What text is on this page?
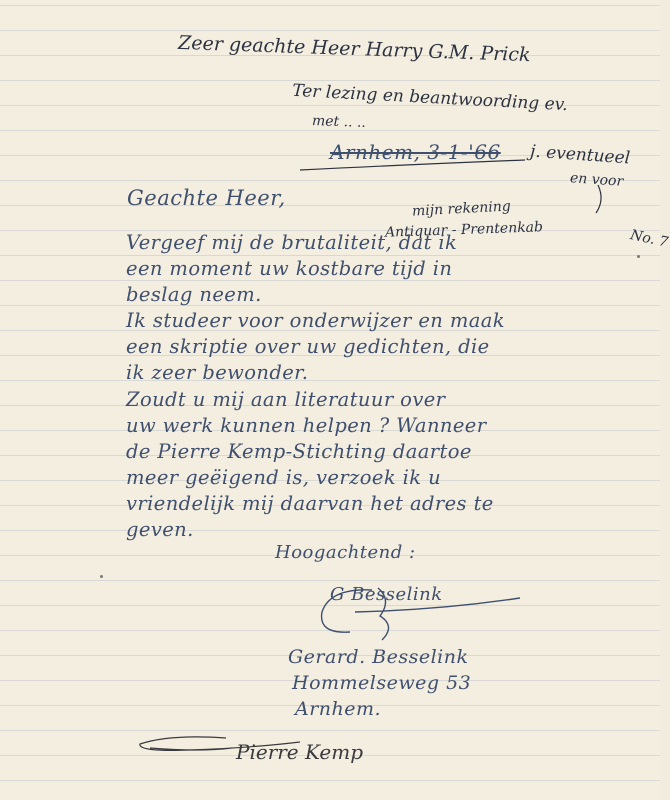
Zeer geachte Heer Harry G.M. Prick
Ter lezing en beantwoording ev.
met .. ..
j. eventueel
en voor
mijn rekening
Antiquar - Prentenkab	No. 7
Arnhem, 3-1-'66
Geachte Heer,

Vergeef mij de brutaliteit, dat ik

een moment uw kostbare tijd in

beslag neem.

Ik studeer voor onderwijzer en maak

een skriptie over uw gedichten, die

ik zeer bewonder.

Zoudt u mij aan literatuur over

uw werk kunnen helpen ? Wanneer

de Pierre Kemp-Stichting daartoe

meer geëigend is, verzoek ik u

vriendelijk mij daarvan het adres te

geven.

Hoogachtend :
G Besselink
Gerard. Besselink
Hommelseweg 53
Arnhem.
Pierre Kemp
